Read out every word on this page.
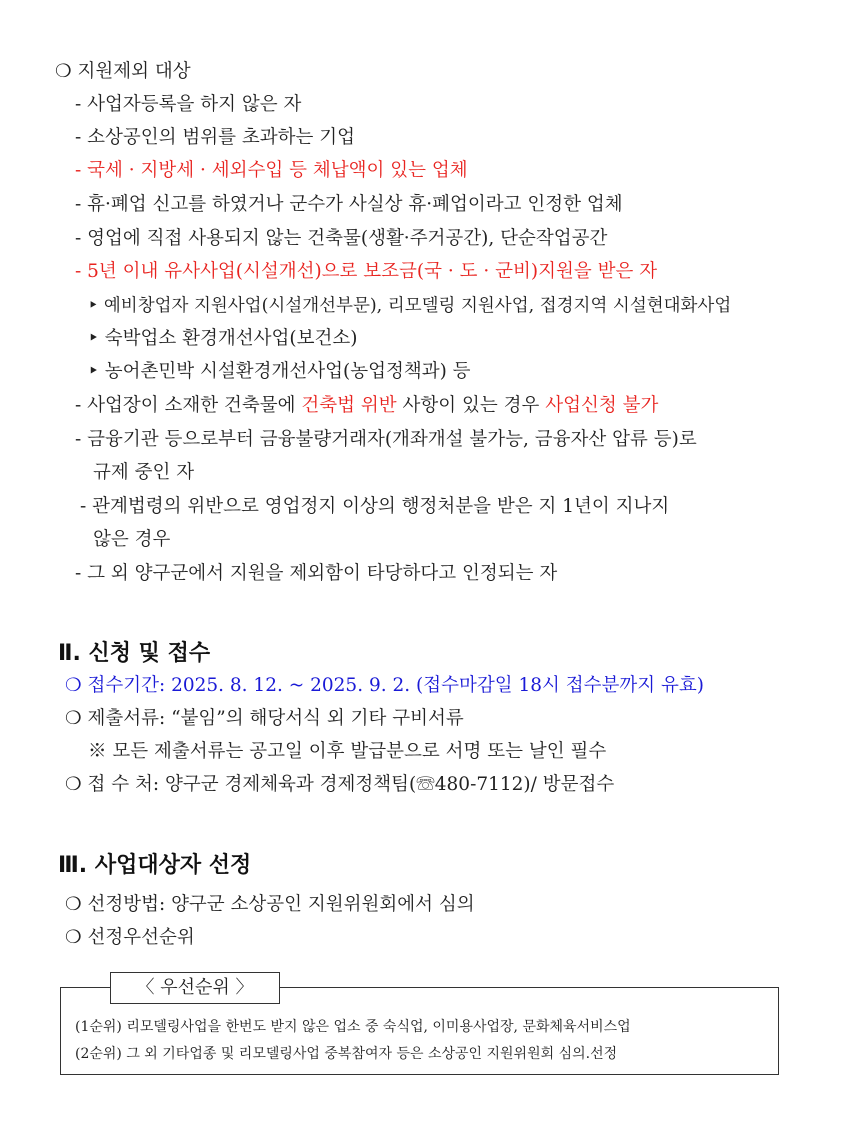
❍ 지원제외 대상
- 사업자등록을 하지 않은 자
- 소상공인의 범위를 초과하는 기업
- 국세 · 지방세 · 세외수입 등 체납액이 있는 업체
- 휴·폐업 신고를 하였거나 군수가 사실상 휴·폐업이라고 인정한 업체
- 영업에 직접 사용되지 않는 건축물(생활·주거공간), 단순작업공간
- 5년 이내 유사사업(시설개선)으로 보조금(국 · 도 · 군비)지원을 받은 자
‣ 예비창업자 지원사업(시설개선부문), 리모델링 지원사업, 접경지역 시설현대화사업
‣ 숙박업소 환경개선사업(보건소)
‣ 농어촌민박 시설환경개선사업(농업정책과) 등
- 사업장이 소재한 건축물에 건축법 위반 사항이 있는 경우 사업신청 불가
- 금융기관 등으로부터 금융불량거래자(개좌개설 불가능, 금융자산 압류 등)로
규제 중인 자
- 관계법령의 위반으로 영업정지 이상의 행정처분을 받은 지 1년이 지나지
않은 경우
- 그 외 양구군에서 지원을 제외함이 타당하다고 인정되는 자
Ⅱ. 신청 및 접수
❍ 접수기간: 2025. 8. 12. ~ 2025. 9. 2. (접수마감일 18시 접수분까지 유효)
❍ 제출서류: “붙임”의 해당서식 외 기타 구비서류
※ 모든 제출서류는 공고일 이후 발급분으로 서명 또는 날인 필수
❍ 접 수 처: 양구군 경제체육과 경제정책팀(☏480-7112)/ 방문접수
Ⅲ. 사업대상자 선정
❍ 선정방법: 양구군 소상공인 지원위원회에서 심의
❍ 선정우선순위
(1순위) 리모델링사업을 한번도 받지 않은 업소 중 숙식업, 이미용사업장, 문화체육서비스업
(2순위) 그 외 기타업종 및 리모델링사업 중복참여자 등은 소상공인 지원위원회 심의.선정
〈 우선순위 〉
